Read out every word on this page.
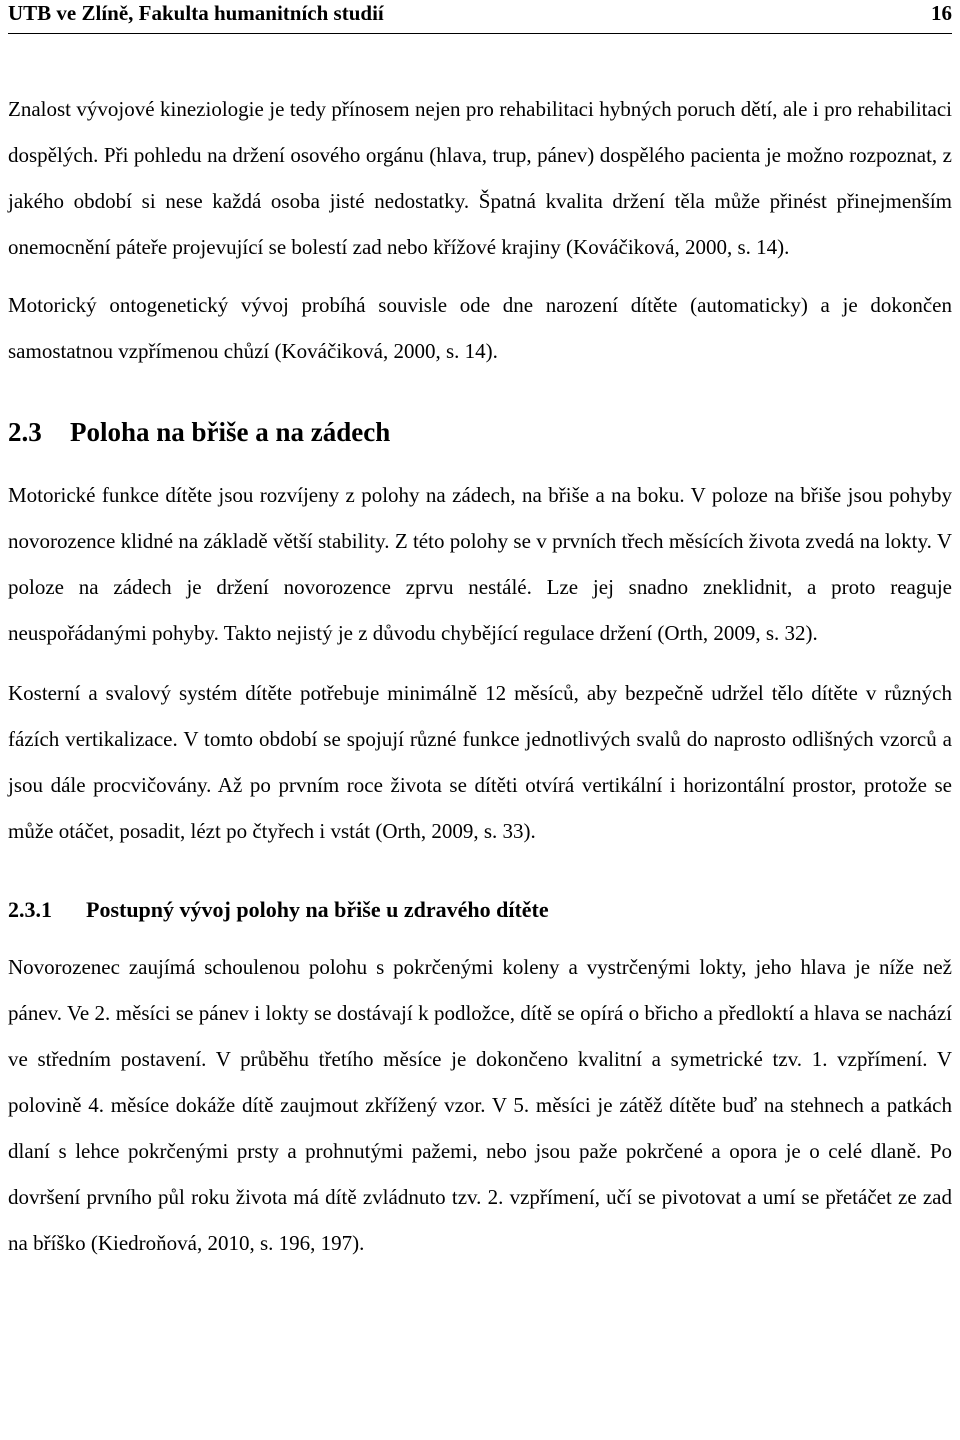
UTB ve Zlíně, Fakulta humanitních studií	16

Znalost vývojové kineziologie je tedy přínosem nejen pro rehabilitaci hybných poruch dětí, ale i pro rehabilitaci dospělých. Při pohledu na držení osového orgánu (hlava, trup, pánev) dospělého pacienta je možno rozpoznat, z jakého období si nese každá osoba jisté nedostatky. Špatná kvalita držení těla může přinést přinejmenším onemocnění páteře projevující se bolestí zad nebo křížové krajiny (Kováčiková, 2000, s. 14).

Motorický ontogenetický vývoj probíhá souvisle ode dne narození dítěte (automaticky) a je dokončen samostatnou vzpřímenou chůzí (Kováčiková, 2000, s. 14).

2.3 Poloha na břiše a na zádech

Motorické funkce dítěte jsou rozvíjeny z polohy na zádech, na břiše a na boku. V poloze na břiše jsou pohyby novorozence klidné na základě větší stability. Z této polohy se v prvních třech měsících života zvedá na lokty. V poloze na zádech je držení novorozence zprvu nestálé. Lze jej snadno zneklidnit, a proto reaguje neuspořádanými pohyby. Takto nejistý je z důvodu chybějící regulace držení (Orth, 2009, s. 32).

Kosterní a svalový systém dítěte potřebuje minimálně 12 měsíců, aby bezpečně udržel tělo dítěte v různých fázích vertikalizace. V tomto období se spojují různé funkce jednotlivých svalů do naprosto odlišných vzorců a jsou dále procvičovány. Až po prvním roce života se dítěti otvírá vertikální i horizontální prostor, protože se může otáčet, posadit, lézt po čtyřech i vstát (Orth, 2009, s. 33).

2.3.1 Postupný vývoj polohy na břiše u zdravého dítěte

Novorozenec zaujímá schoulenou polohu s pokrčenými koleny a vystrčenými lokty, jeho hlava je níže než pánev. Ve 2. měsíci se pánev i lokty se dostávají k podložce, dítě se opírá o břicho a předloktí a hlava se nachází ve středním postavení. V průběhu třetího měsíce je dokončeno kvalitní a symetrické tzv. 1. vzpřímení. V polovině 4. měsíce dokáže dítě zaujmout zkřížený vzor. V 5. měsíci je zátěž dítěte buď na stehnech a patkách dlaní s lehce pokrčenými prsty a prohnutými pažemi, nebo jsou paže pokrčené a opora je o celé dlaně. Po dovršení prvního půl roku života má dítě zvládnuto tzv. 2. vzpřímení, učí se pivotovat a umí se přetáčet ze zad na bříško (Kiedroňová, 2010, s. 196, 197).
